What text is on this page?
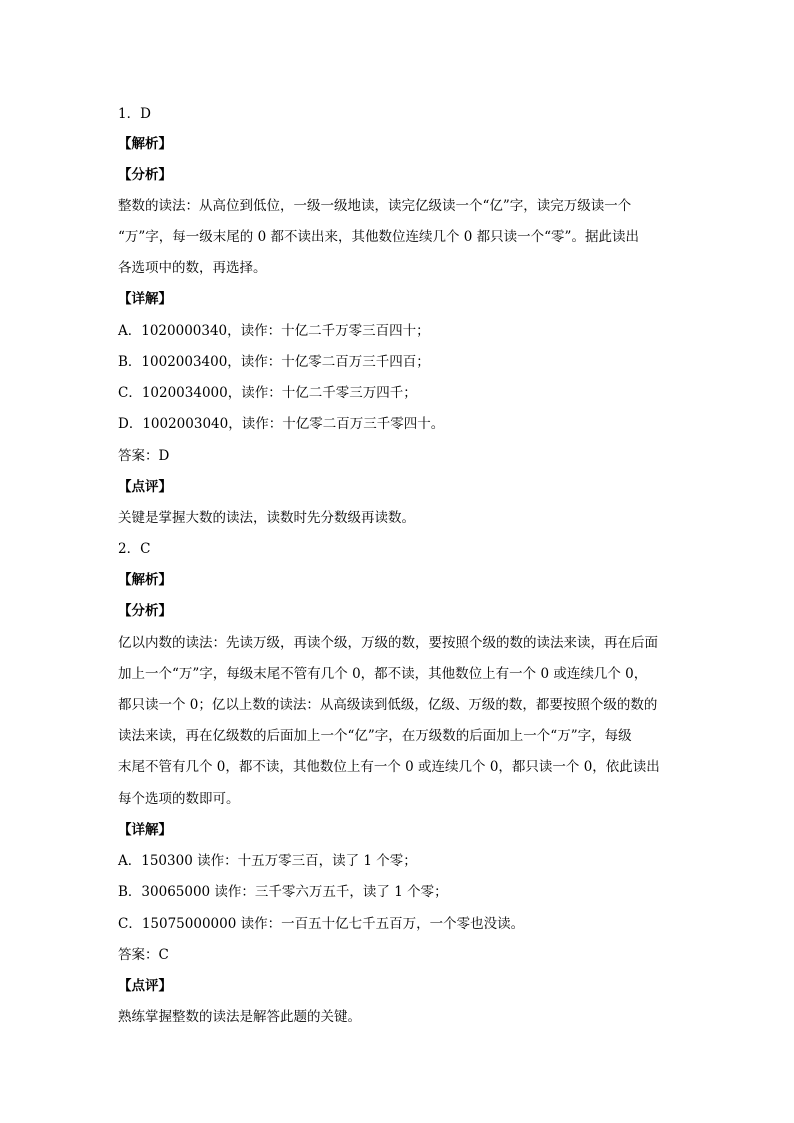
1．D
【解析】
【分析】
整数的读法：从高位到低位，一级一级地读，读完亿级读一个“亿”字，读完万级读一个
“万”字，每一级末尾的 0 都不读出来，其他数位连续几个 0 都只读一个“零”。据此读出
各选项中的数，再选择。
【详解】
A．1020000340，读作：十亿二千万零三百四十；
B．1002003400，读作：十亿零二百万三千四百；
C．1020034000，读作：十亿二千零三万四千；
D．1002003040，读作：十亿零二百万三千零四十。
答案：D
【点评】
关键是掌握大数的读法，读数时先分数级再读数。
2．C
【解析】
【分析】
亿以内数的读法：先读万级，再读个级，万级的数，要按照个级的数的读法来读，再在后面
加上一个“万”字，每级末尾不管有几个 0，都不读，其他数位上有一个 0 或连续几个 0，
都只读一个 0；亿以上数的读法：从高级读到低级，亿级、万级的数，都要按照个级的数的
读法来读，再在亿级数的后面加上一个“亿”字，在万级数的后面加上一个“万”字，每级
末尾不管有几个 0，都不读，其他数位上有一个 0 或连续几个 0，都只读一个 0，依此读出
每个选项的数即可。
【详解】
A．150300 读作：十五万零三百，读了 1 个零；
B．30065000 读作：三千零六万五千，读了 1 个零；
C．15075000000 读作：一百五十亿七千五百万，一个零也没读。
答案：C
【点评】
熟练掌握整数的读法是解答此题的关键。
